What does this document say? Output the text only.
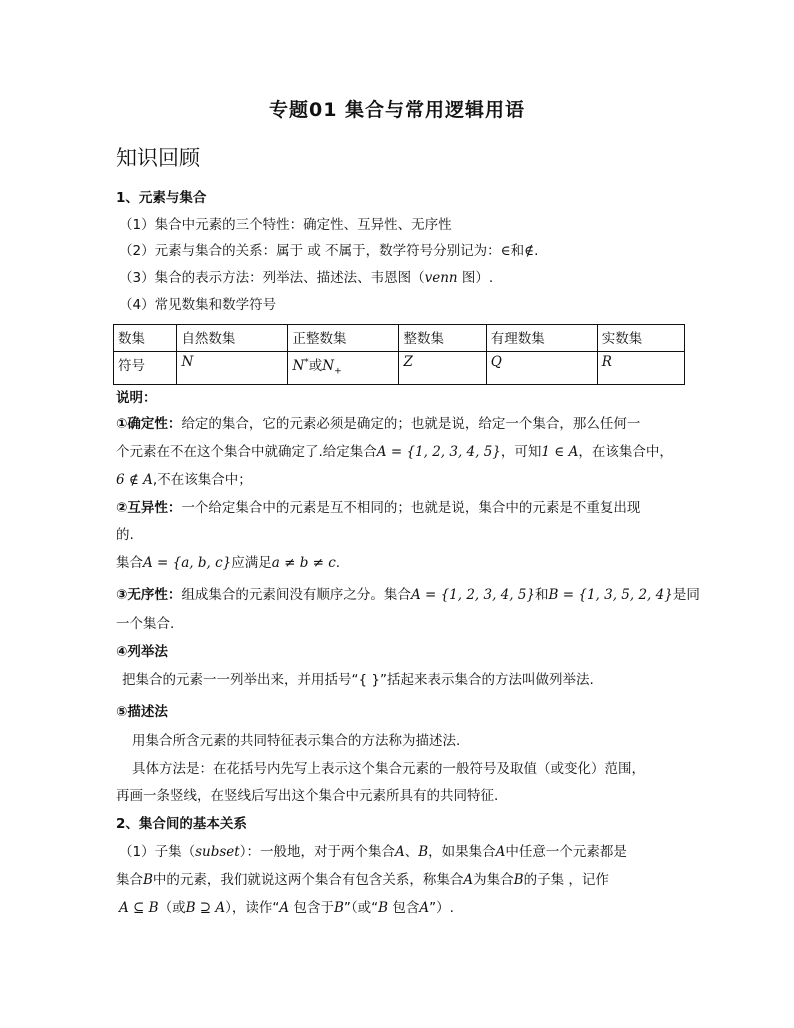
专题01 集合与常用逻辑用语
知识回顾
1、元素与集合
（1）集合中元素的三个特性：确定性、互异性、无序性
（2）元素与集合的关系：属于 或 不属于，数学符号分别记为：∈和∉.
（3）集合的表示方法：列举法、描述法、韦恩图（venn 图）.
（4）常见数集和数学符号
数集	自然数集	正整数集	整数集	有理数集	实数集
符号	N	N*或$N_+$	Z	Q	R
说明：
①确定性：给定的集合，它的元素必须是确定的；也就是说，给定一个集合，那么任何一
个元素在不在这个集合中就确定了.给定集合A = {1, 2, 3, 4, 5}，可知1 ∈ A，在该集合中，
6 ∉ A,不在该集合中；
②互异性：一个给定集合中的元素是互不相同的；也就是说，集合中的元素是不重复出现
的.
集合A = {a, b, c}应满足a ≠ b ≠ c.
③无序性：组成集合的元素间没有顺序之分。集合A = {1, 2, 3, 4, 5}和B = {1, 3, 5, 2, 4}是同
一个集合.
④列举法
把集合的元素一一列举出来，并用括号“{ }”括起来表示集合的方法叫做列举法.
⑤描述法
用集合所含元素的共同特征表示集合的方法称为描述法.
具体方法是：在花括号内先写上表示这个集合元素的一般符号及取值（或变化）范围，
再画一条竖线，在竖线后写出这个集合中元素所具有的共同特征.
2、集合间的基本关系
（1）子集（subset）：一般地，对于两个集合A、B，如果集合A中任意一个元素都是
集合B中的元素，我们就说这两个集合有包含关系，称集合A为集合B的子集 ，记作
A ⊆ B（或B ⊇ A），读作“A 包含于B”（或“B 包含A”）.
